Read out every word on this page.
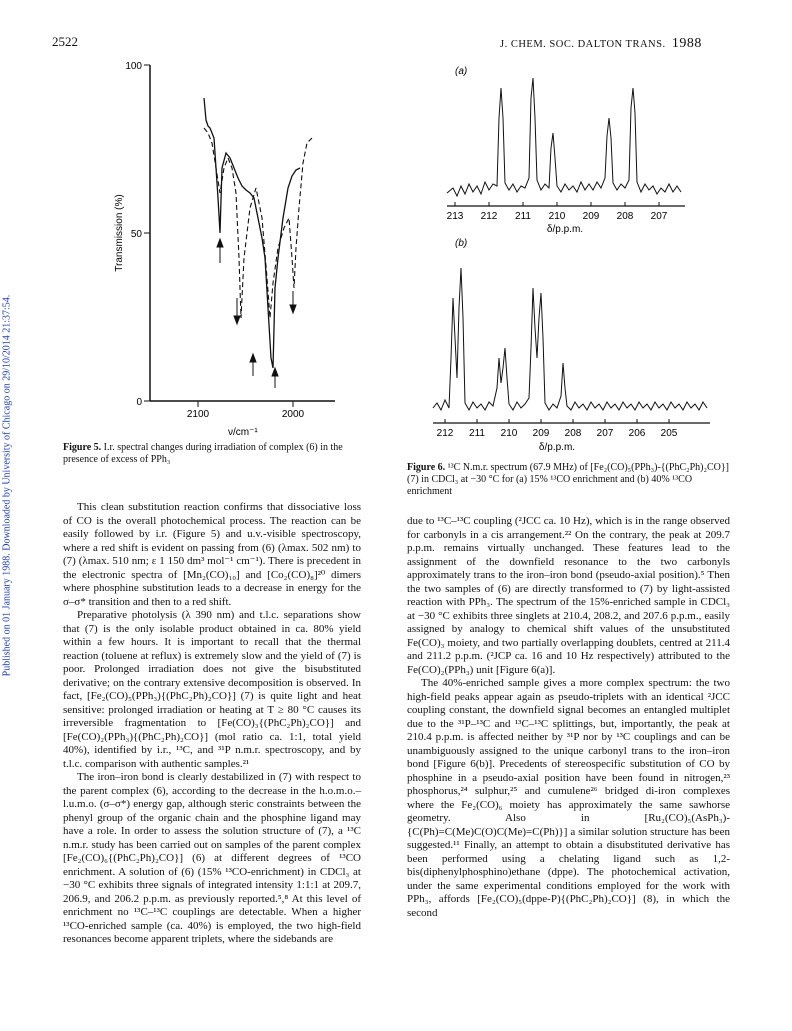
2522	J. CHEM. SOC. DALTON TRANS. 1988
Published on 01 January 1988. Downloaded by University of Chicago on 29/10/2014 21:37:54.
100
50
0
Transmission (%)
2100	2000
ν/cm⁻¹
Figure 5. I.r. spectral changes during irradiation of complex (6) in the presence of excess of PPh₃
(a)
213 212 211 210 209 208 207
δ/p.p.m.
(b)
212 211 210 209 208 207 206 205
δ/p.p.m.
Figure 6. ¹³C N.m.r. spectrum (67.9 MHz) of [Fe₂(CO)₅(PPh₃)-{(PhC₂Ph)₂CO}] (7) in CDCl₃ at −30 °C for (a) 15% ¹³CO enrichment and (b) 40% ¹³CO enrichment

This clean substitution reaction confirms that dissociative loss of CO is the overall photochemical process. The reaction can be easily followed by i.r. (Figure 5) and u.v.-visible spectroscopy, where a red shift is evident on passing from (6) (λmax. 502 nm) to (7) (λmax. 510 nm; ε 1 150 dm³ mol⁻¹ cm⁻¹). There is precedent in the electronic spectra of [Mn₂(CO)₁₀] and [Co₂(CO)₈]²⁰ dimers where phosphine substitution leads to a decrease in energy for the σ–σ* transition and then to a red shift.

Preparative photolysis (λ 390 nm) and t.l.c. separations show that (7) is the only isolable product obtained in ca. 80% yield within a few hours. It is important to recall that the thermal reaction (toluene at reflux) is extremely slow and the yield of (7) is poor. Prolonged irradiation does not give the bisubstituted derivative; on the contrary extensive decomposition is observed. In fact, [Fe₂(CO)₅(PPh₃){(PhC₂Ph)₂CO}] (7) is quite light and heat sensitive: prolonged irradiation or heating at T ≥ 80 °C causes its irreversible fragmentation to [Fe(CO)₃{(PhC₂Ph)₂CO}] and [Fe(CO)₂(PPh₃){(PhC₂Ph)₂CO}] (mol ratio ca. 1:1, total yield 40%), identified by i.r., ¹³C, and ³¹P n.m.r. spectroscopy, and by t.l.c. comparison with authentic samples.²¹

The iron–iron bond is clearly destabilized in (7) with respect to the parent complex (6), according to the decrease in the h.o.m.o.–l.u.m.o. (σ–σ*) energy gap, although steric constraints between the phenyl group of the organic chain and the phosphine ligand may have a role. In order to assess the solution structure of (7), a ¹³C n.m.r. study has been carried out on samples of the parent complex [Fe₂(CO)₆{(PhC₂Ph)₂CO}] (6) at different degrees of ¹³CO enrichment. A solution of (6) (15% ¹³CO-enrichment) in CDCl₃ at −30 °C exhibits three signals of integrated intensity 1:1:1 at 209.7, 206.9, and 206.2 p.p.m. as previously reported.⁵,⁸ At this level of enrichment no ¹³C–¹³C couplings are detectable. When a higher ¹³CO-enriched sample (ca. 40%) is employed, the two high-field resonances become apparent triplets, where the sidebands are

due to ¹³C–¹³C coupling (²JCC ca. 10 Hz), which is in the range observed for carbonyls in a cis arrangement.²² On the contrary, the peak at 209.7 p.p.m. remains virtually unchanged. These features lead to the assignment of the downfield resonance to the two carbonyls approximately trans to the iron–iron bond (pseudo-axial position).⁵ Then the two samples of (6) are directly transformed to (7) by light-assisted reaction with PPh₃. The spectrum of the 15%-enriched sample in CDCl₃ at −30 °C exhibits three singlets at 210.4, 208.2, and 207.6 p.p.m., easily assigned by analogy to chemical shift values of the unsubstituted Fe(CO)₃ moiety, and two partially overlapping doublets, centred at 211.4 and 211.2 p.p.m. (²JCP ca. 16 and 10 Hz respectively) attributed to the Fe(CO)₂(PPh₃) unit [Figure 6(a)].

The 40%-enriched sample gives a more complex spectrum: the two high-field peaks appear again as pseudo-triplets with an identical ²JCC coupling constant, the downfield signal becomes an entangled multiplet due to the ³¹P–¹³C and ¹³C–¹³C splittings, but, importantly, the peak at 210.4 p.p.m. is affected neither by ³¹P nor by ¹³C couplings and can be unambiguously assigned to the unique carbonyl trans to the iron–iron bond [Figure 6(b)]. Precedents of stereospecific substitution of CO by phosphine in a pseudo-axial position have been found in nitrogen,²³ phosphorus,²⁴ sulphur,²⁵ and cumulene²⁶ bridged di-iron complexes where the Fe₂(CO)₆ moiety has approximately the same sawhorse geometry. Also in [Ru₂(CO)₅(AsPh₃)-{C(Ph)=C(Me)C(O)C(Me)=C(Ph)}] a similar solution structure has been suggested.¹¹ Finally, an attempt to obtain a disubstituted derivative has been performed using a chelating ligand such as 1,2-bis(diphenylphosphino)ethane (dppe). The photochemical activation, under the same experimental conditions employed for the work with PPh₃, affords [Fe₂(CO)₅(dppe-P){(PhC₂Ph)₂CO}] (8), in which the second
